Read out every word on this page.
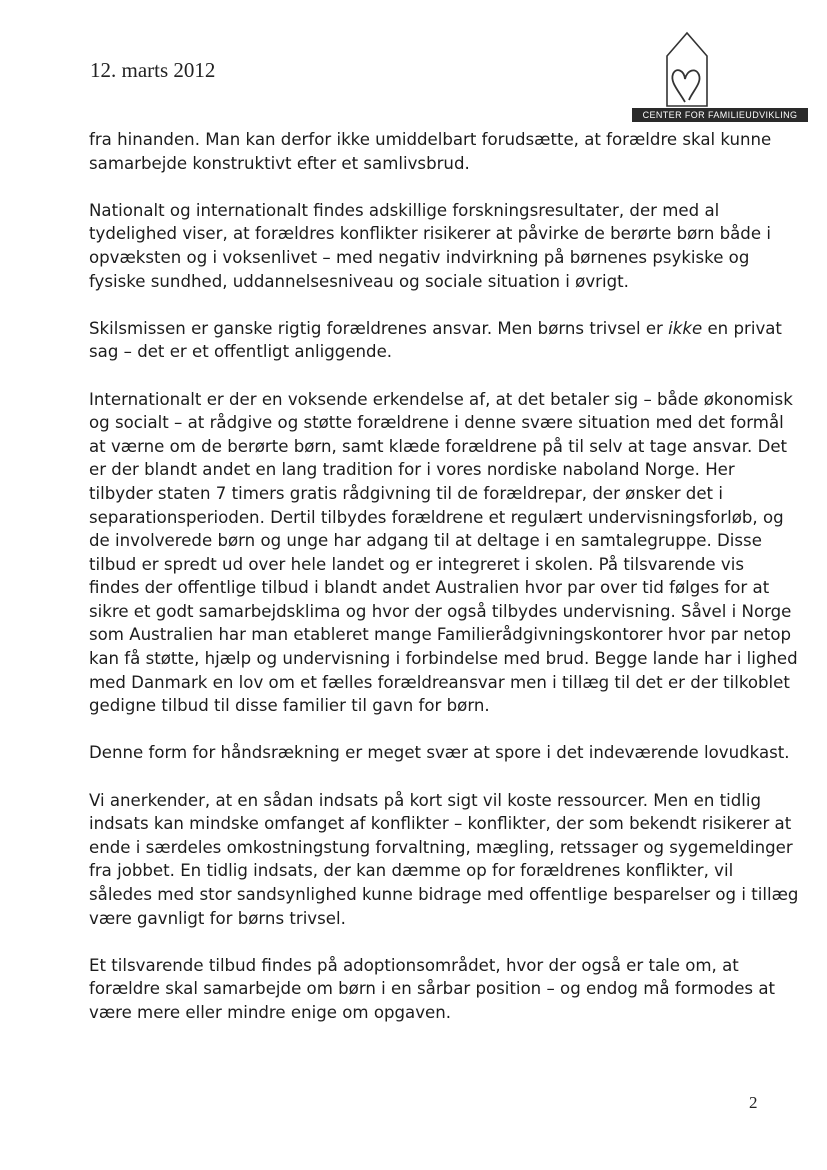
12. marts 2012
CENTER FOR FAMILIEUDVIKLING
fra hinanden. Man kan derfor ikke umiddelbart forudsætte, at forældre skal kunne
samarbejde konstruktivt efter et samlivsbrud.
Nationalt og internationalt findes adskillige forskningsresultater, der med al
tydelighed viser, at forældres konflikter risikerer at påvirke de berørte børn både i
opvæksten og i voksenlivet – med negativ indvirkning på børnenes psykiske og
fysiske sundhed, uddannelsesniveau og sociale situation i øvrigt.
Skilsmissen er ganske rigtig forældrenes ansvar. Men børns trivsel er ikke en privat
sag – det er et offentligt anliggende.
Internationalt er der en voksende erkendelse af, at det betaler sig – både økonomisk
og socialt – at rådgive og støtte forældrene i denne svære situation med det formål
at værne om de berørte børn, samt klæde forældrene på til selv at tage ansvar. Det
er der blandt andet en lang tradition for i vores nordiske naboland Norge. Her
tilbyder staten 7 timers gratis rådgivning til de forældrepar, der ønsker det i
separationsperioden. Dertil tilbydes forældrene et regulært undervisningsforløb, og
de involverede børn og unge har adgang til at deltage i en samtalegruppe. Disse
tilbud er spredt ud over hele landet og er integreret i skolen. På tilsvarende vis
findes der offentlige tilbud i blandt andet Australien hvor par over tid følges for at
sikre et godt samarbejdsklima og hvor der også tilbydes undervisning. Såvel i Norge
som Australien har man etableret mange Familierådgivningskontorer hvor par netop
kan få støtte, hjælp og undervisning i forbindelse med brud. Begge lande har i lighed
med Danmark en lov om et fælles forældreansvar men i tillæg til det er der tilkoblet
gedigne tilbud til disse familier til gavn for børn.
Denne form for håndsrækning er meget svær at spore i det indeværende lovudkast.
Vi anerkender, at en sådan indsats på kort sigt vil koste ressourcer. Men en tidlig
indsats kan mindske omfanget af konflikter – konflikter, der som bekendt risikerer at
ende i særdeles omkostningstung forvaltning, mægling, retssager og sygemeldinger
fra jobbet. En tidlig indsats, der kan dæmme op for forældrenes konflikter, vil
således med stor sandsynlighed kunne bidrage med offentlige besparelser og i tillæg
være gavnligt for børns trivsel.
Et tilsvarende tilbud findes på adoptionsområdet, hvor der også er tale om, at
forældre skal samarbejde om børn i en sårbar position – og endog må formodes at
være mere eller mindre enige om opgaven.
2
